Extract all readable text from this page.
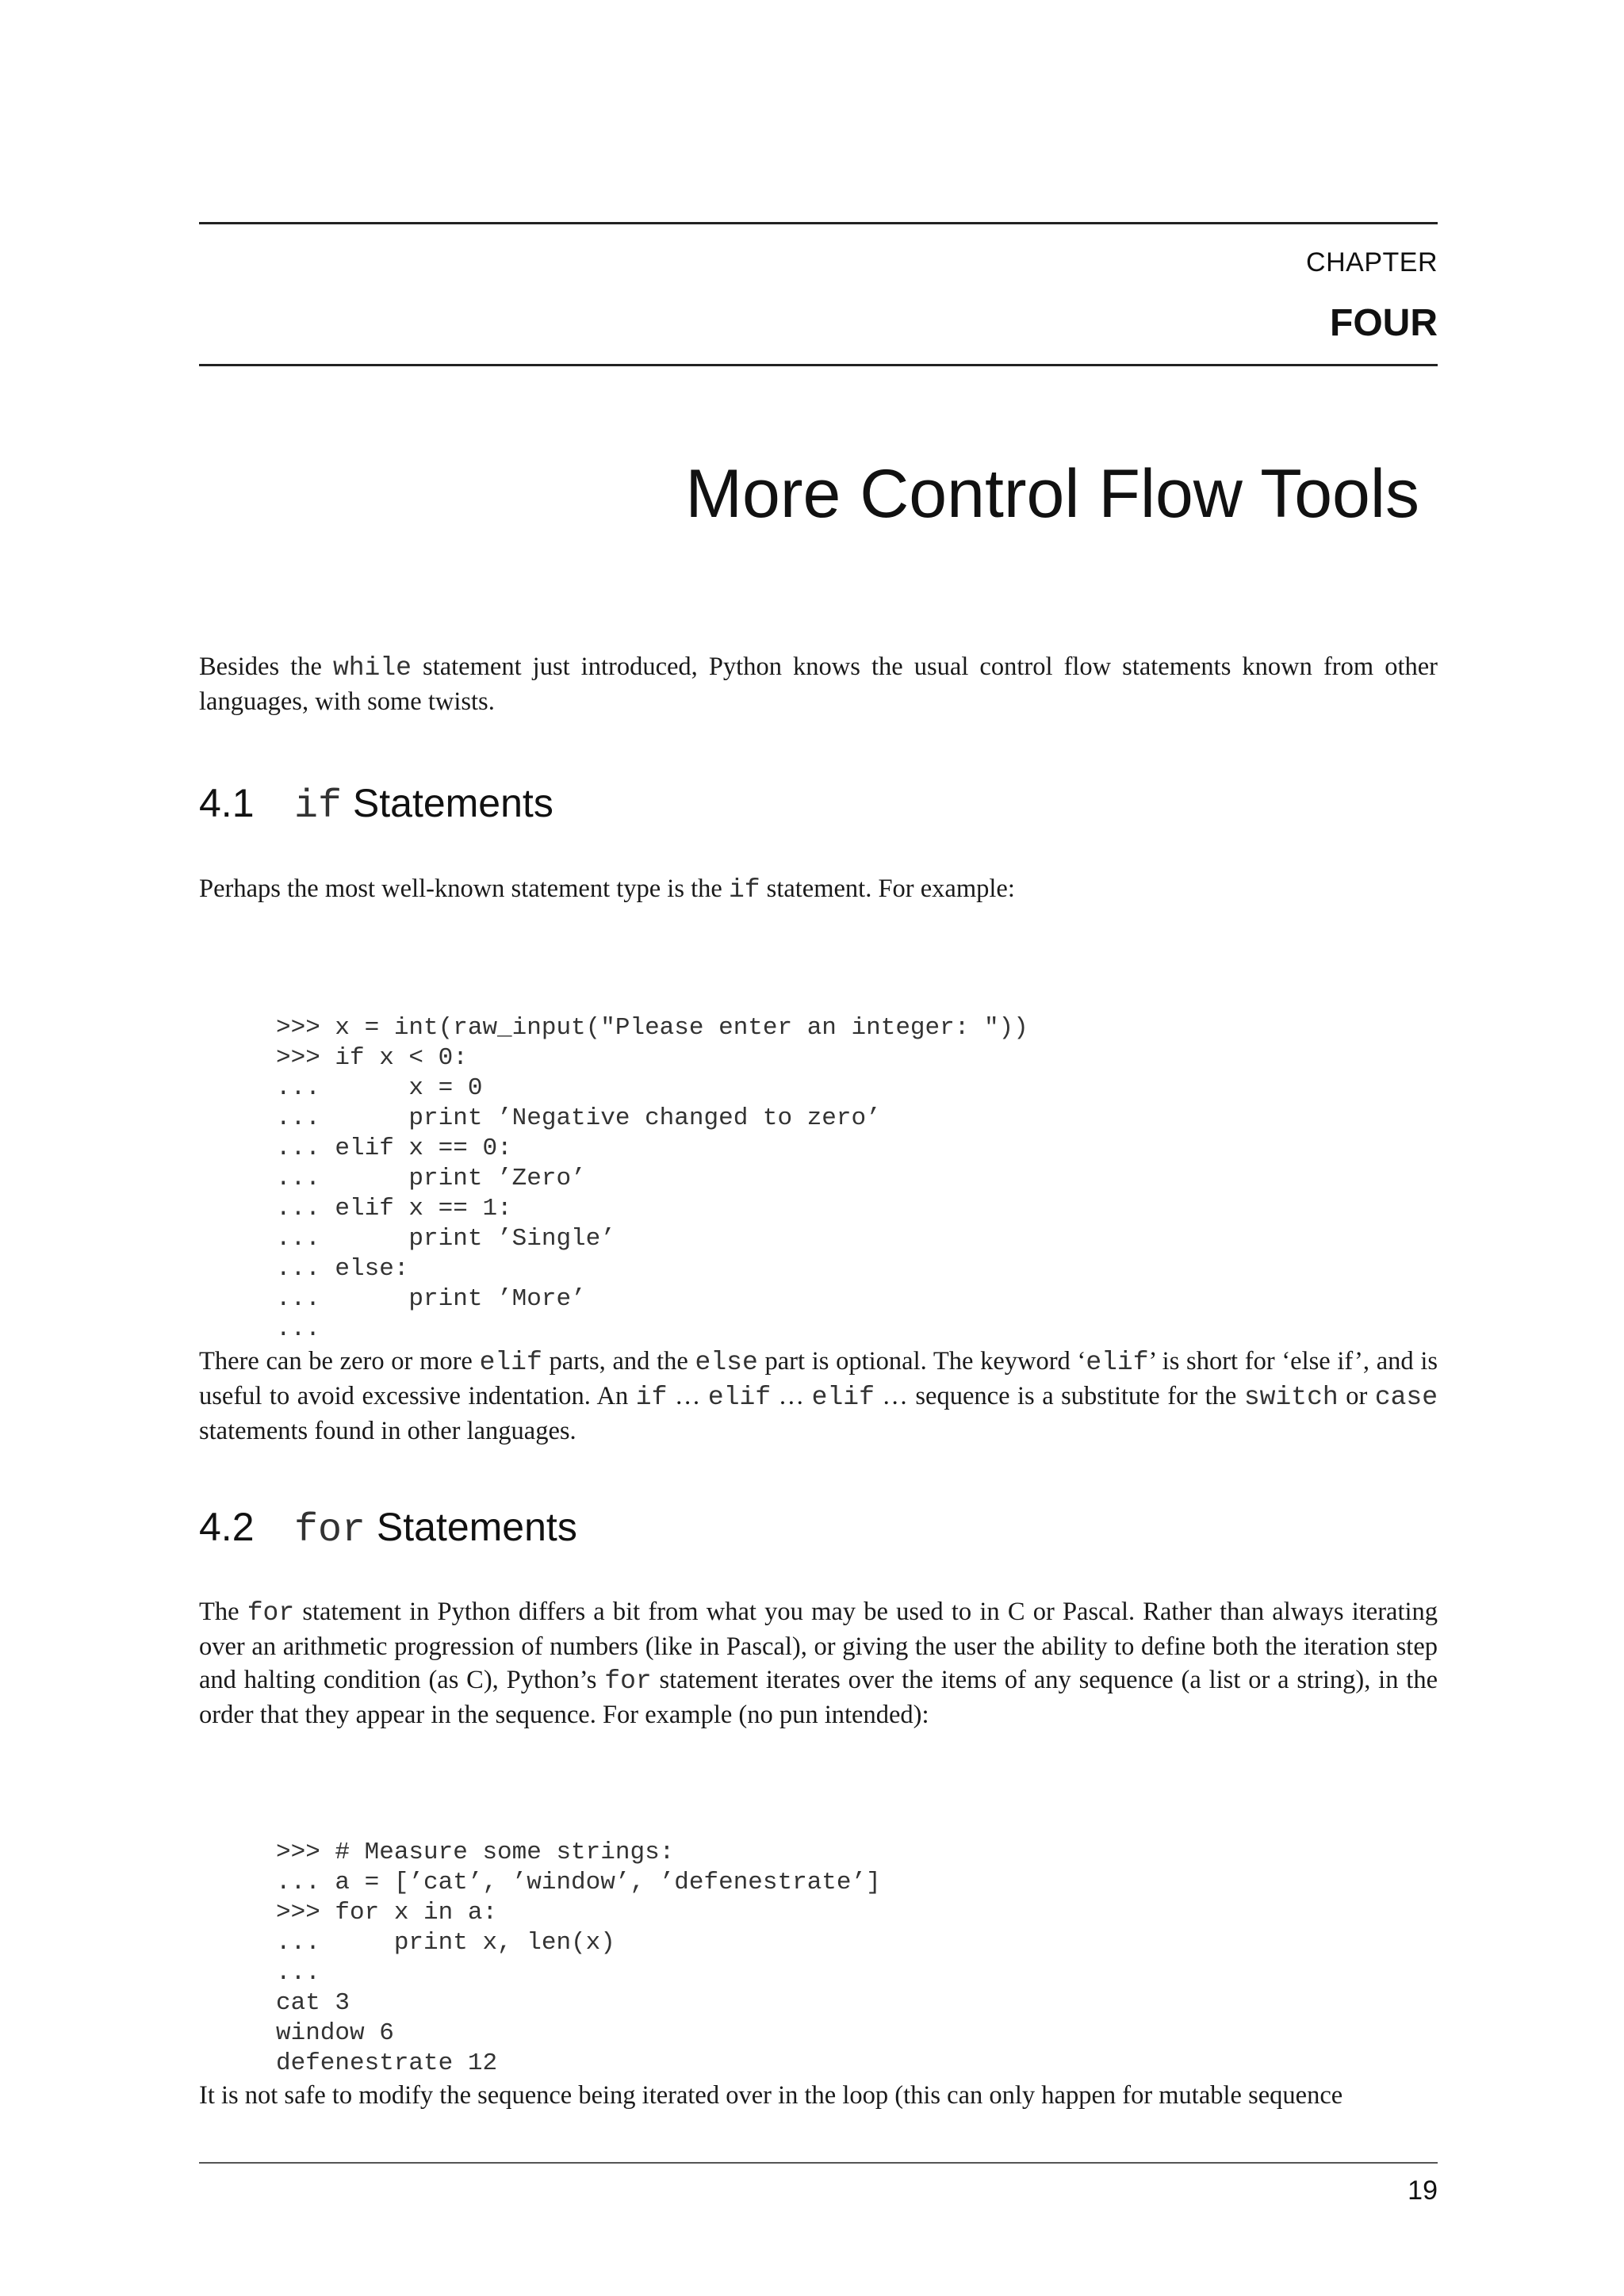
CHAPTER
FOUR
More Control Flow Tools

Besides the while statement just introduced, Python knows the usual control flow statements known from other languages, with some twists.

4.1 if Statements

Perhaps the most well-known statement type is the if statement. For example:

>>> x = int(raw_input("Please enter an integer: "))
>>> if x < 0:
...      x = 0
...      print ’Negative changed to zero’
... elif x == 0:
...      print ’Zero’
... elif x == 1:
...      print ’Single’
... else:
...      print ’More’
...

There can be zero or more elif parts, and the else part is optional. The keyword ‘elif’ is short for ‘else if’, and is useful to avoid excessive indentation. An if … elif … elif … sequence is a substitute for the switch or case statements found in other languages.

4.2 for Statements

The for statement in Python differs a bit from what you may be used to in C or Pascal. Rather than always iterating over an arithmetic progression of numbers (like in Pascal), or giving the user the ability to define both the iteration step and halting condition (as C), Python’s for statement iterates over the items of any sequence (a list or a string), in the order that they appear in the sequence. For example (no pun intended):

>>> # Measure some strings:
... a = [’cat’, ’window’, ’defenestrate’]
>>> for x in a:
...     print x, len(x)
...
cat 3
window 6
defenestrate 12

It is not safe to modify the sequence being iterated over in the loop (this can only happen for mutable sequence

19
